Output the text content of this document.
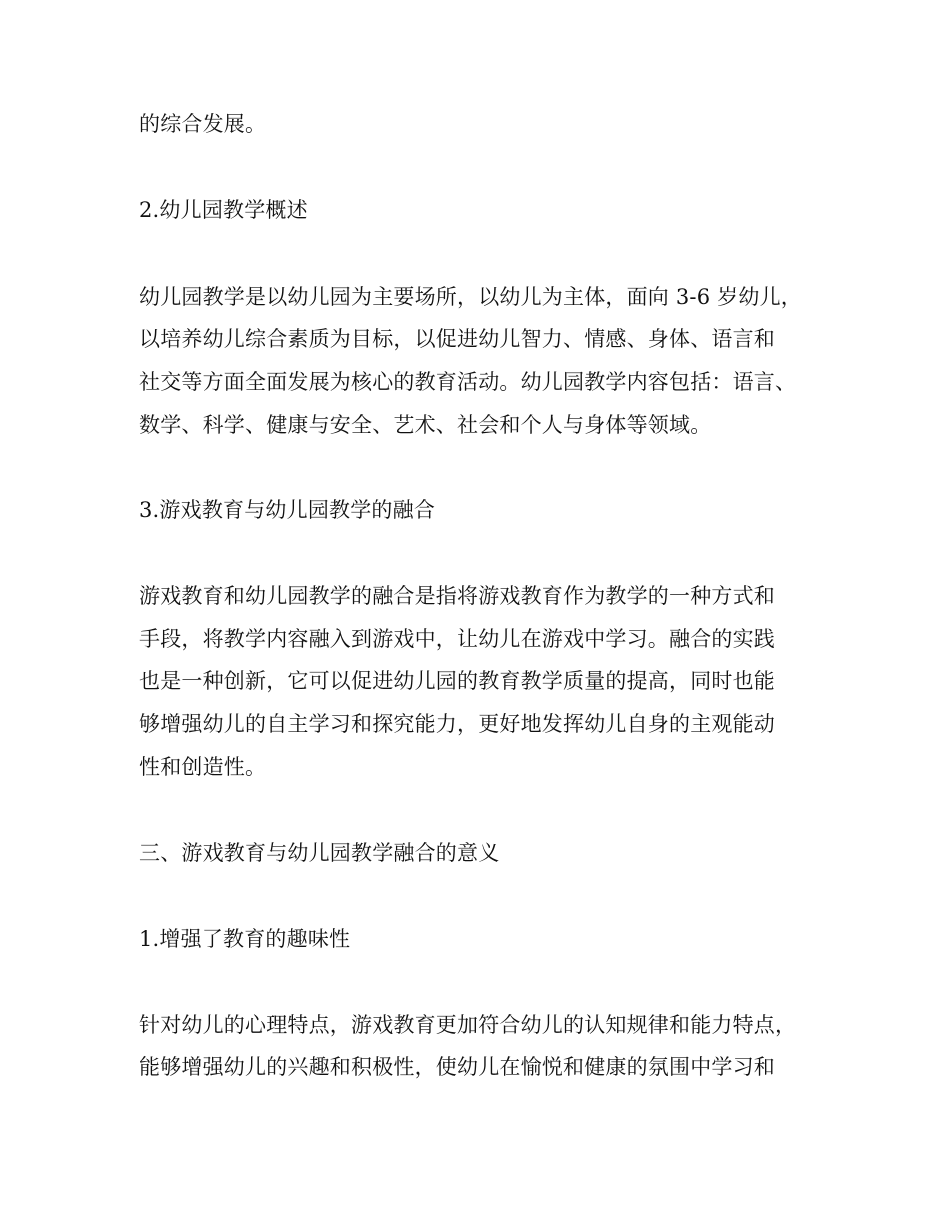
的综合发展。
2.幼儿园教学概述
幼儿园教学是以幼儿园为主要场所，以幼儿为主体，面向 3-6 岁幼儿，
以培养幼儿综合素质为目标，以促进幼儿智力、情感、身体、语言和
社交等方面全面发展为核心的教育活动。幼儿园教学内容包括：语言、
数学、科学、健康与安全、艺术、社会和个人与身体等领域。
3.游戏教育与幼儿园教学的融合
游戏教育和幼儿园教学的融合是指将游戏教育作为教学的一种方式和
手段，将教学内容融入到游戏中，让幼儿在游戏中学习。融合的实践
也是一种创新，它可以促进幼儿园的教育教学质量的提高，同时也能
够增强幼儿的自主学习和探究能力，更好地发挥幼儿自身的主观能动
性和创造性。
三、游戏教育与幼儿园教学融合的意义
1.增强了教育的趣味性
针对幼儿的心理特点，游戏教育更加符合幼儿的认知规律和能力特点，
能够增强幼儿的兴趣和积极性，使幼儿在愉悦和健康的氛围中学习和
